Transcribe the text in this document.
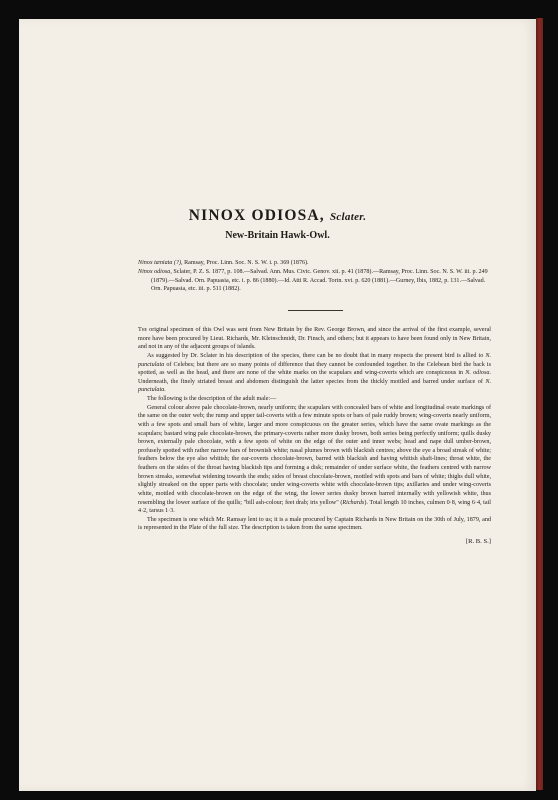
NINOX ODIOSA, Sclater.
New-Britain Hawk-Owl.

Ninox tæniata (?), Ramsay, Proc. Linn. Soc. N. S. W. i. p. 369 (1876).

Ninox odiosa, Sclater, P. Z. S. 1877, p. 108.—Salvad. Ann. Mus. Civic. Genov. xii. p. 41 (1878).—Ramsay, Proc. Linn. Soc. N. S. W. iii. p. 249 (1879).—Salvad. Orn. Papuasia, etc. i. p. 86 (1880).—Id. Atti R. Accad. Torin. xvi. p. 620 (1881).—Gurney, Ibis, 1882, p. 131.—Salvad. Orn. Papuasia, etc. iii. p. 511 (1882).

The original specimen of this Owl was sent from New Britain by the Rev. George Brown, and since the arrival of the first example, several more have been procured by Lieut. Richards, Mr. Kleinschmidt, Dr. Finsch, and others; but it appears to have been found only in New Britain, and not in any of the adjacent groups of islands.

As suggested by Dr. Sclater in his description of the species, there can be no doubt that in many respects the present bird is allied to N. punctulata of Celebes; but there are so many points of difference that they cannot be confounded together. In the Celebean bird the back is spotted, as well as the head, and there are none of the white marks on the scapulars and wing-coverts which are conspicuous in N. odiosa. Underneath, the finely striated breast and abdomen distinguish the latter species from the thickly mottled and barred under surface of N. punctulata.

The following is the description of the adult male:—

General colour above pale chocolate-brown, nearly uniform; the scapulars with concealed bars of white and longitudinal ovate markings of the same on the outer web; the rump and upper tail-coverts with a few minute spots or bars of pale ruddy brown; wing-coverts nearly uniform, with a few spots and small bars of white, larger and more conspicuous on the greater series, which have the same ovate markings as the scapulars; bastard wing pale chocolate-brown, the primary-coverts rather more dusky brown, both series being perfectly uniform; quills dusky brown, externally pale chocolate, with a few spots of white on the edge of the outer and inner webs; head and nape dull umber-brown, profusely spotted with rather narrow bars of brownish white; nasal plumes brown with blackish centres; above the eye a broad streak of white; feathers below the eye also whitish; the ear-coverts chocolate-brown, barred with blackish and having whitish shaft-lines; throat white, the feathers on the sides of the throat having blackish tips and forming a disk; remainder of under surface white, the feathers centred with narrow brown streaks, somewhat widening towards the ends; sides of breast chocolate-brown, mottled with spots and bars of white; thighs dull white, slightly streaked on the upper parts with chocolate; under wing-coverts white with chocolate-brown tips; axillaries and under wing-coverts white, mottled with chocolate-brown on the edge of the wing, the lower series dusky brown barred internally with yellowish white, thus resembling the lower surface of the quills; "bill ash-colour; feet drab; iris yellow" (Richards). Total length 10 inches, culmen 0·8, wing 6·4, tail 4·2, tarsus 1·3.

The specimen is one which Mr. Ramsay lent to us; it is a male procured by Captain Richards in New Britain on the 30th of July, 1879, and is represented in the Plate of the full size. The description is taken from the same specimen.

[R. B. S.]
